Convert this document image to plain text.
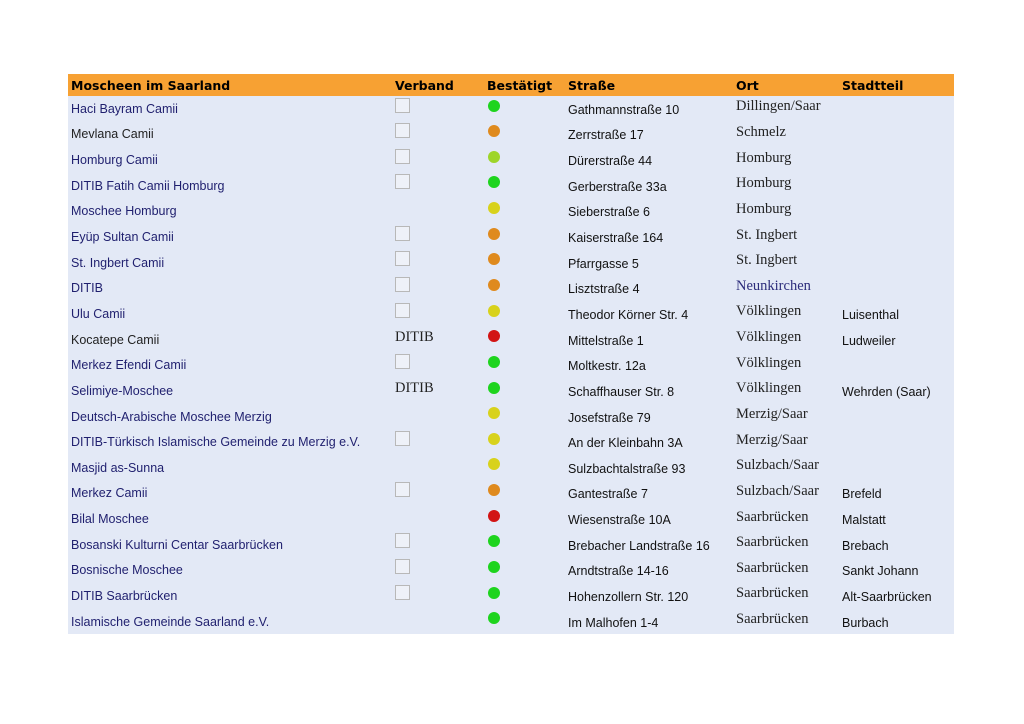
Moscheen im Saarland	Verband	Bestätigt	Straße	Ort	Stadtteil
Haci Bayram Camii			Gathmannstraße 10	Dillingen/Saar	
Mevlana Camii			Zerrstraße 17	Schmelz	
Homburg Camii			Dürerstraße 44	Homburg	
DITIB Fatih Camii Homburg			Gerberstraße 33a	Homburg	
Moschee Homburg			Sieberstraße 6	Homburg	
Eyüp Sultan Camii			Kaiserstraße 164	St. Ingbert	
St. Ingbert Camii			Pfarrgasse 5	St. Ingbert	
DITIB			Lisztstraße 4	Neunkirchen	
Ulu Camii			Theodor Körner Str. 4	Völklingen	Luisenthal
Kocatepe Camii	DITIB		Mittelstraße 1	Völklingen	Ludweiler
Merkez Efendi Camii			Moltkestr. 12a	Völklingen	
Selimiye-Moschee	DITIB		Schaffhauser Str. 8	Völklingen	Wehrden (Saar)
Deutsch-Arabische Moschee Merzig			Josefstraße 79	Merzig/Saar	
DITIB-Türkisch Islamische Gemeinde zu Merzig e.V.			An der Kleinbahn 3A	Merzig/Saar	
Masjid as-Sunna			Sulzbachtalstraße 93	Sulzbach/Saar	
Merkez Camii			Gantestraße 7	Sulzbach/Saar	Brefeld
Bilal Moschee			Wiesenstraße 10A	Saarbrücken	Malstatt
Bosanski Kulturni Centar Saarbrücken			Brebacher Landstraße 16	Saarbrücken	Brebach
Bosnische Moschee			Arndtstraße 14-16	Saarbrücken	Sankt Johann
DITIB Saarbrücken			Hohenzollern Str. 120	Saarbrücken	Alt-Saarbrücken
Islamische Gemeinde Saarland e.V.			Im Malhofen 1-4	Saarbrücken	Burbach
